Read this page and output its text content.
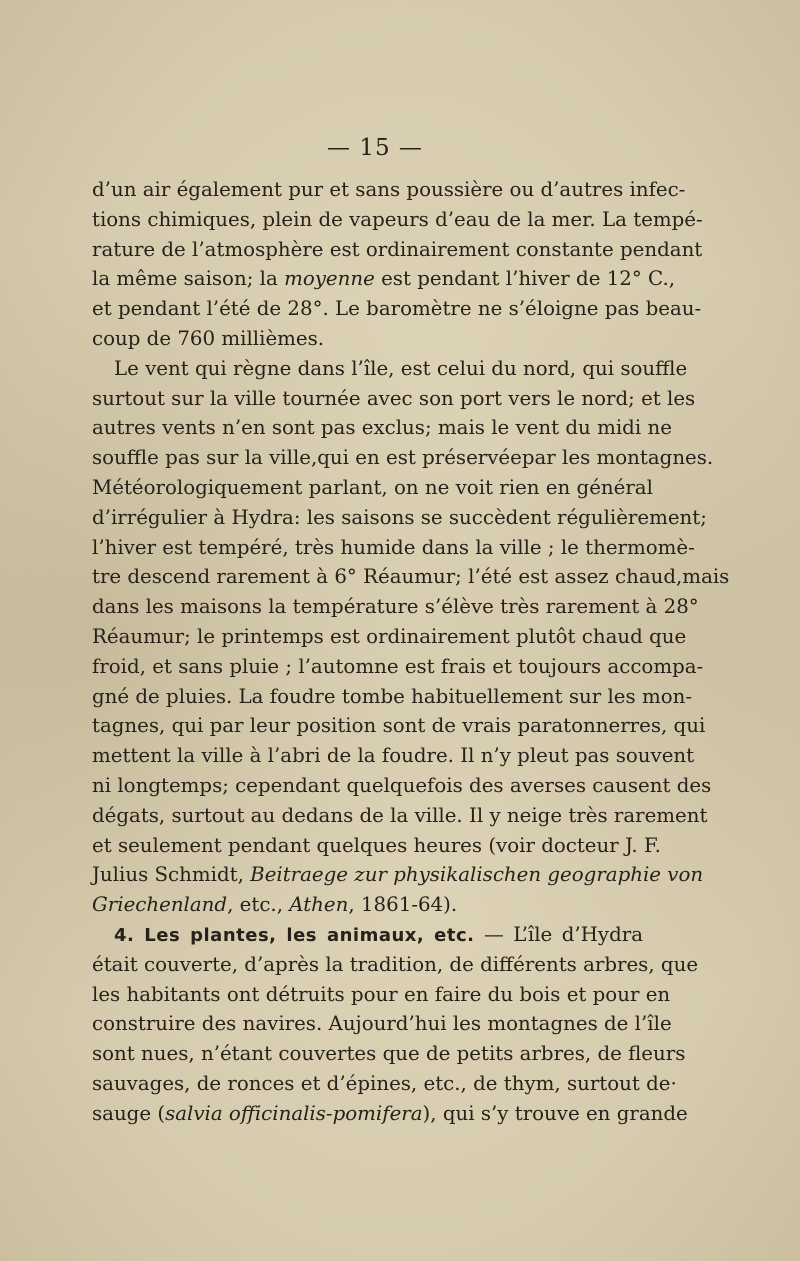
— 15 —
d’un air également pur et sans poussière ou d’autres infec-
tions chimiques, plein de vapeurs d’eau de la mer. La tempé-
rature de l’atmosphère est ordinairement constante pendant
la même saison; la moyenne est pendant l’hiver de 12° C.,
et pendant l’été de 28°. Le baromètre ne s’éloigne pas beau-
coup de 760 millièmes.
Le vent qui règne dans l’île, est celui du nord, qui souffle
surtout sur la ville tournée avec son port vers le nord; et les
autres vents n’en sont pas exclus; mais le vent du midi ne
souffle pas sur la ville,qui en est préservéepar les montagnes.
Météorologiquement parlant, on ne voit rien en général
d’irrégulier à Hydra: les saisons se succèdent régulièrement;
l’hiver est tempéré, très humide dans la ville ; le thermomè-
tre descend rarement à 6° Réaumur; l’été est assez chaud,mais
dans les maisons la température s’élève très rarement à 28°
Réaumur; le printemps est ordinairement plutôt chaud que
froid, et sans pluie ; l’automne est frais et toujours accompa-
gné de pluies. La foudre tombe habituellement sur les mon-
tagnes, qui par leur position sont de vrais paratonnerres, qui
mettent la ville à l’abri de la foudre. Il n’y pleut pas souvent
ni longtemps; cependant quelquefois des averses causent des
dégats, surtout au dedans de la ville. Il y neige très rarement
et seulement pendant quelques heures (voir docteur J. F.
Julius Schmidt, Beitraege zur physikalischen geographie von
Griechenland, etc., Athen, 1861-64).
4. Les plantes, les animaux, etc. — L’île d’Hydra
était couverte, d’après la tradition, de différents arbres, que
les habitants ont détruits pour en faire du bois et pour en
construire des navires. Aujourd’hui les montagnes de l’île
sont nues, n’étant couvertes que de petits arbres, de fleurs
sauvages, de ronces et d’épines, etc., de thym, surtout de·
sauge (salvia officinalis-pomifera), qui s’y trouve en grande
